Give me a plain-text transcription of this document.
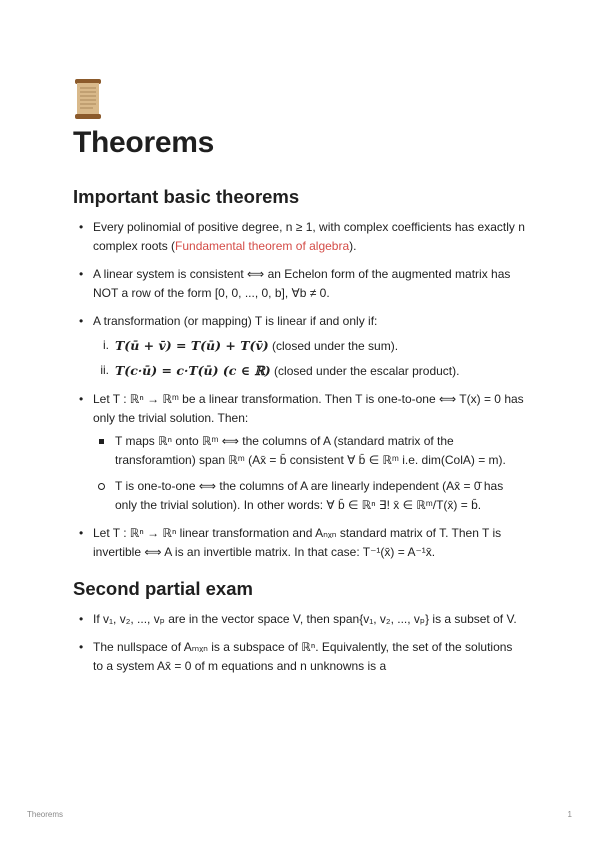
Theorems
Important basic theorems
• Every polinomial of positive degree, n ≥ 1, with complex coefficients has exactly n complex roots (Fundamental theorem of algebra).
• A linear system is consistent ⟺ an Echelon form of the augmented matrix has NOT a row of the form [0, 0, ..., 0, b], ∀b ≠ 0.
• A transformation (or mapping) T is linear if and only if:
i. T(ū + v̄) = T(ū) + T(v̄) (closed under the sum).
ii. T(c·ū) = c·T(ū) (c ∈ ℝ) (closed under the escalar product).
• Let T : ℝⁿ → ℝᵐ be a linear transformation. Then T is one-to-one ⟺ T(x) = 0 has only the trivial solution. Then:
T maps ℝⁿ onto ℝᵐ ⟺ the columns of A (standard matrix of the transforamtion) span ℝᵐ (Ax̄ = b̄ consistent ∀ b̄ ∈ ℝᵐ i.e. dim(ColA) = m).
T is one-to-one ⟺ the columns of A are linearly independent (Ax̄ = 0̄ has only the trivial solution). In other words: ∀ b̄ ∈ ℝⁿ ∃! x̄ ∈ ℝᵐ/T(x̄) = b̄.
• Let T : ℝⁿ → ℝⁿ linear transformation and Aₙₓₙ standard matrix of T. Then T is invertible ⟺ A is an invertible matrix. In that case: T⁻¹(x̄) = A⁻¹x̄.
Second partial exam
• If v₁, v₂, ..., vₚ are in the vector space V, then span{v₁, v₂, ..., vₚ} is a subset of V.
• The nullspace of Aₘₓₙ is a subspace of ℝⁿ. Equivalently, the set of the solutions to a system Ax̄ = 0 of m equations and n unknowns is a
Theorems	1
